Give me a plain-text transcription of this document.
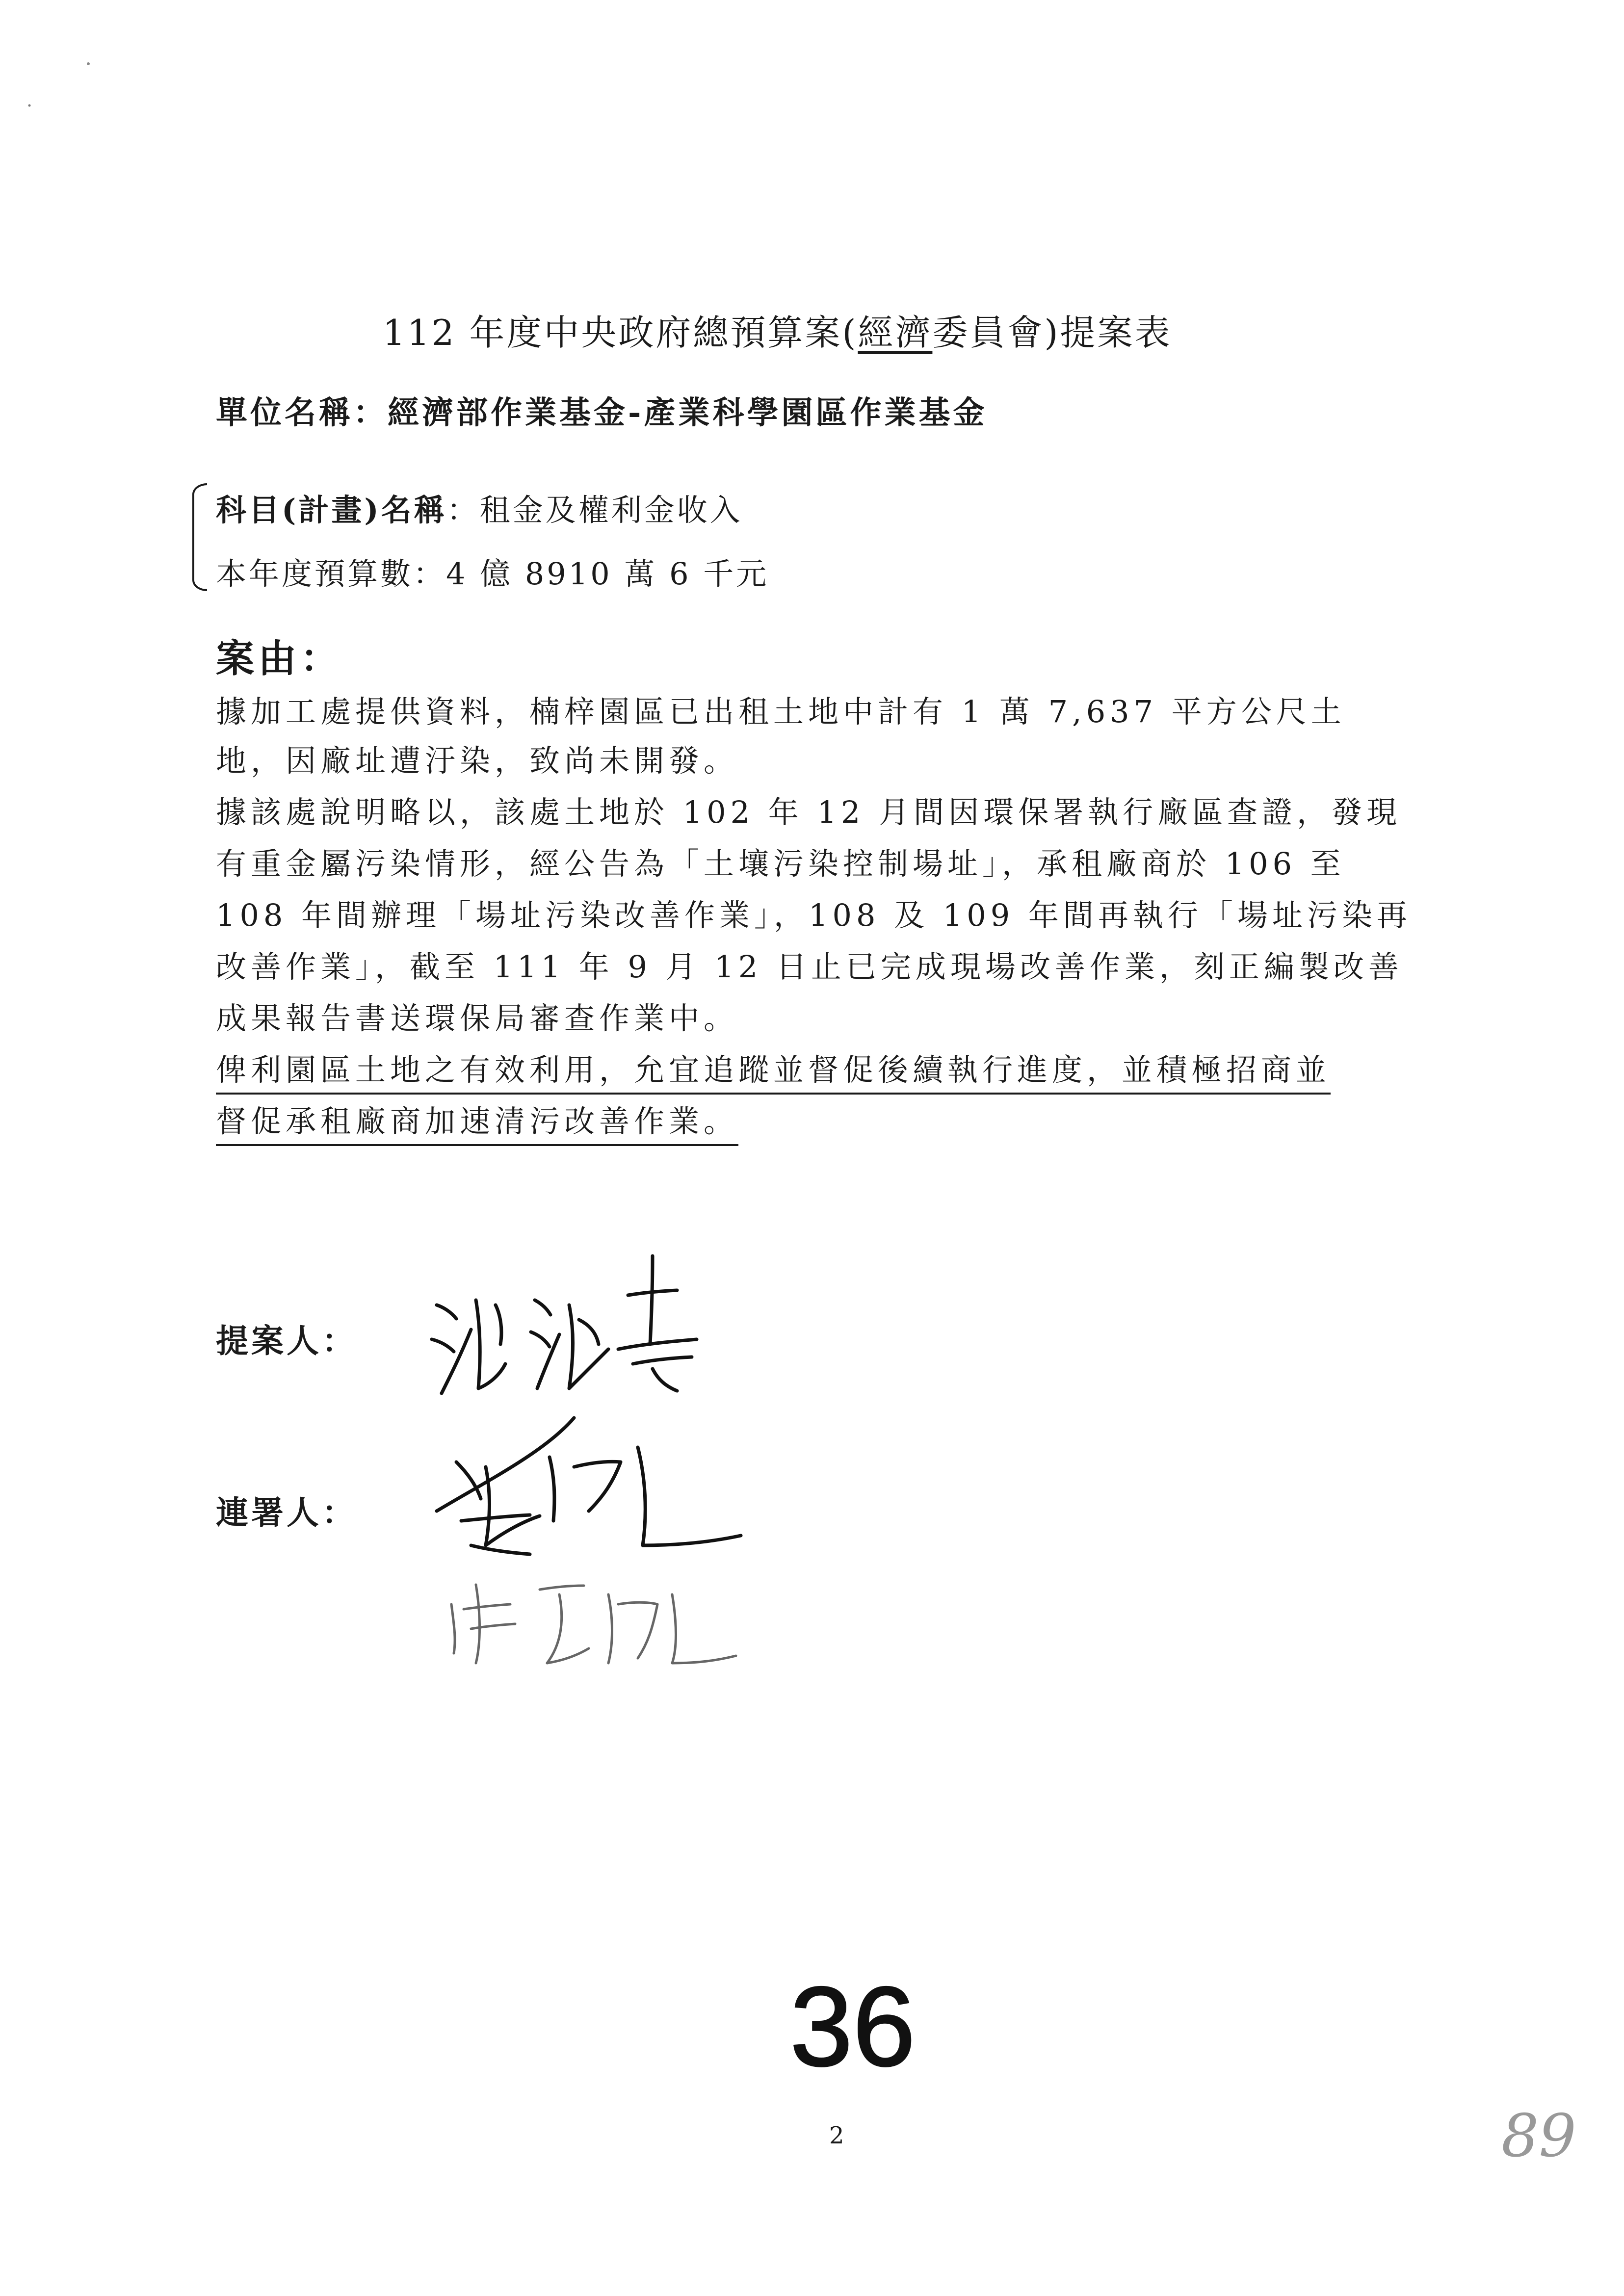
112 年度中央政府總預算案(經濟委員會)提案表
單位名稱：經濟部作業基金-產業科學園區作業基金
科目(計畫)名稱：租金及權利金收入
本年度預算數：4 億 8910 萬 6 千元
案由：
據加工處提供資料，楠梓園區已出租土地中計有 1 萬 7,637 平方公尺土
地，因廠址遭汙染，致尚未開發。
據該處說明略以，該處土地於 102 年 12 月間因環保署執行廠區查證，發現
有重金屬污染情形，經公告為「土壤污染控制場址」，承租廠商於 106 至
108 年間辦理「場址污染改善作業」，108 及 109 年間再執行「場址污染再
改善作業」，截至 111 年 9 月 12 日止已完成現場改善作業，刻正編製改善
成果報告書送環保局審查作業中。
俾利園區土地之有效利用，允宜追蹤並督促後續執行進度，並積極招商並
督促承租廠商加速清污改善作業。
提案人：
連署人：
36
2	89
